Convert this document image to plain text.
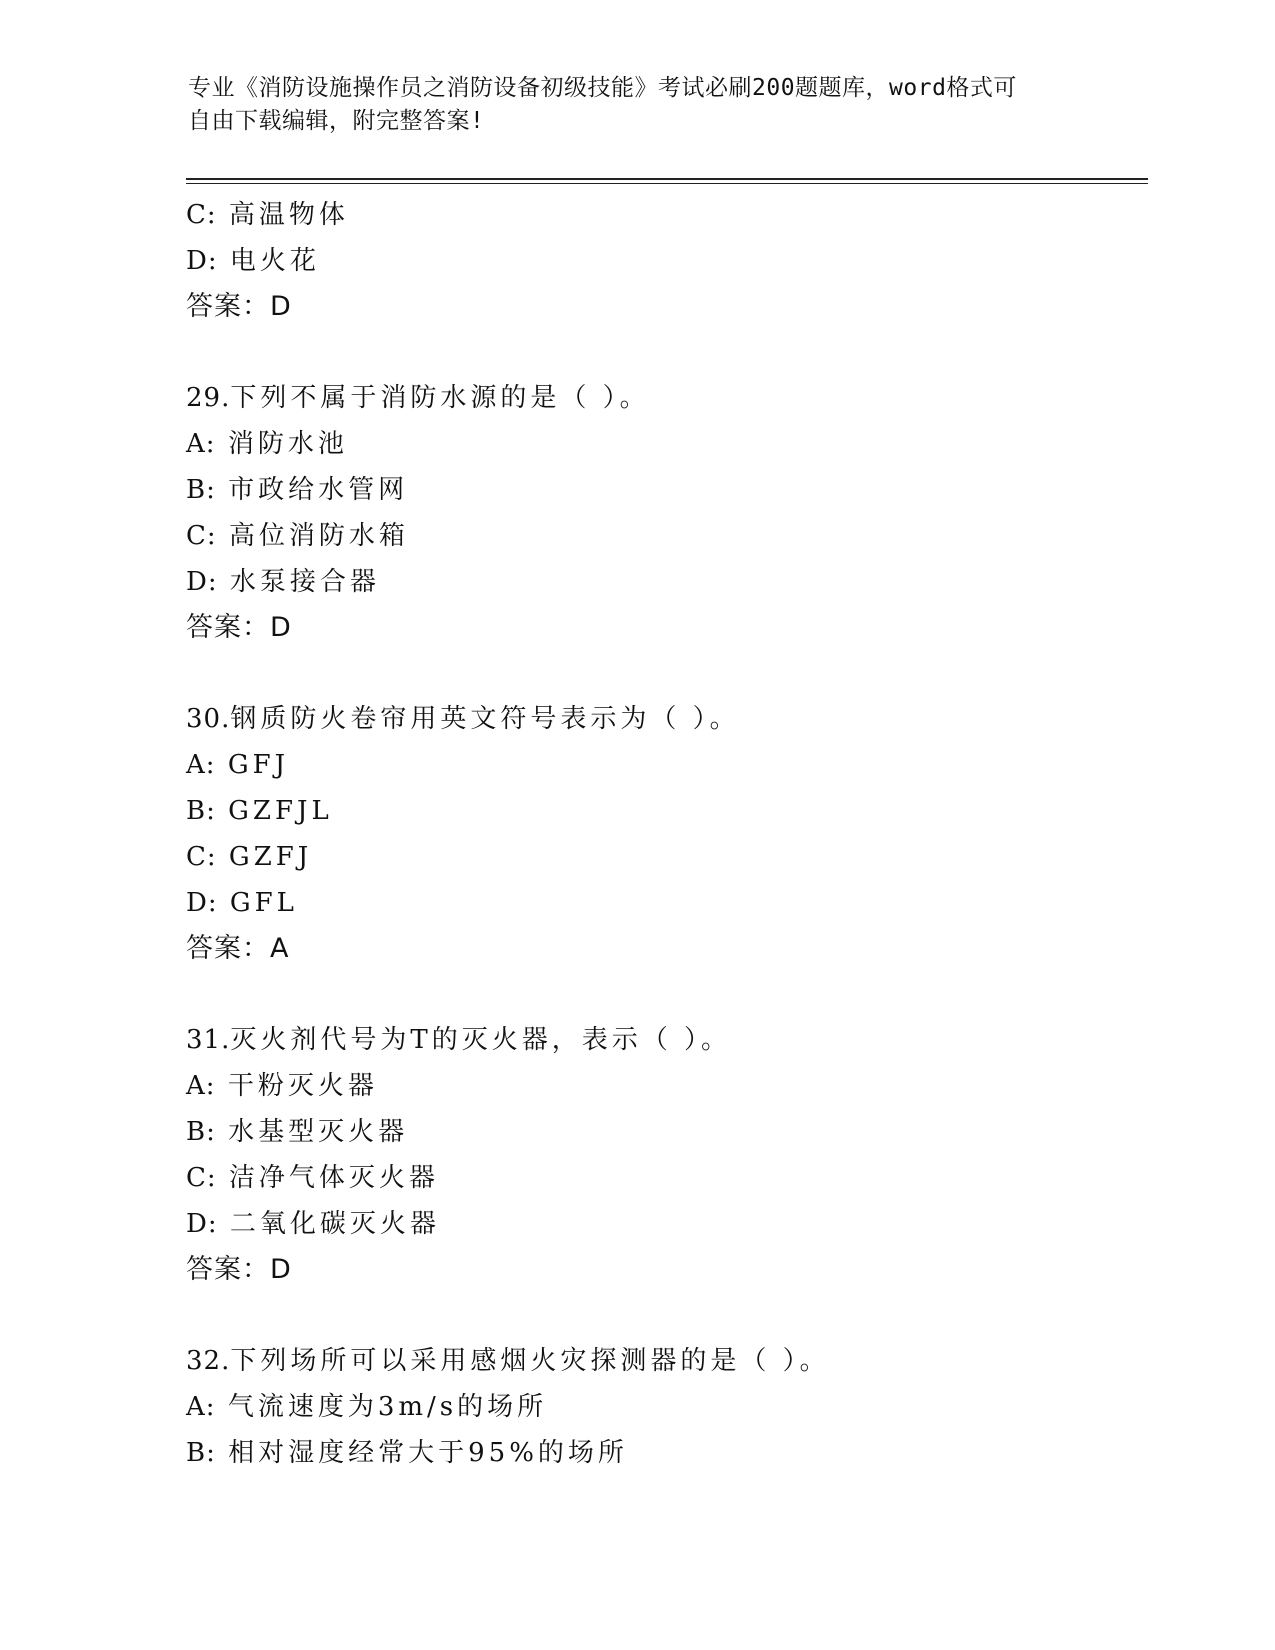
专业《消防设施操作员之消防设备初级技能》考试必刷200题题库，word格式可
自由下载编辑，附完整答案!
C: 高温物体
D: 电火花
答案：D
29.下列不属于消防水源的是（ ）。
A: 消防水池
B: 市政给水管网
C: 高位消防水箱
D: 水泵接合器
答案：D
30.钢质防火卷帘用英文符号表示为（ ）。
A: GFJ
B: GZFJL
C: GZFJ
D: GFL
答案：A
31.灭火剂代号为T的灭火器，表示（ ）。
A: 干粉灭火器
B: 水基型灭火器
C: 洁净气体灭火器
D: 二氧化碳灭火器
答案：D
32.下列场所可以采用感烟火灾探测器的是（ ）。
A: 气流速度为3m/s的场所
B: 相对湿度经常大于95%的场所
